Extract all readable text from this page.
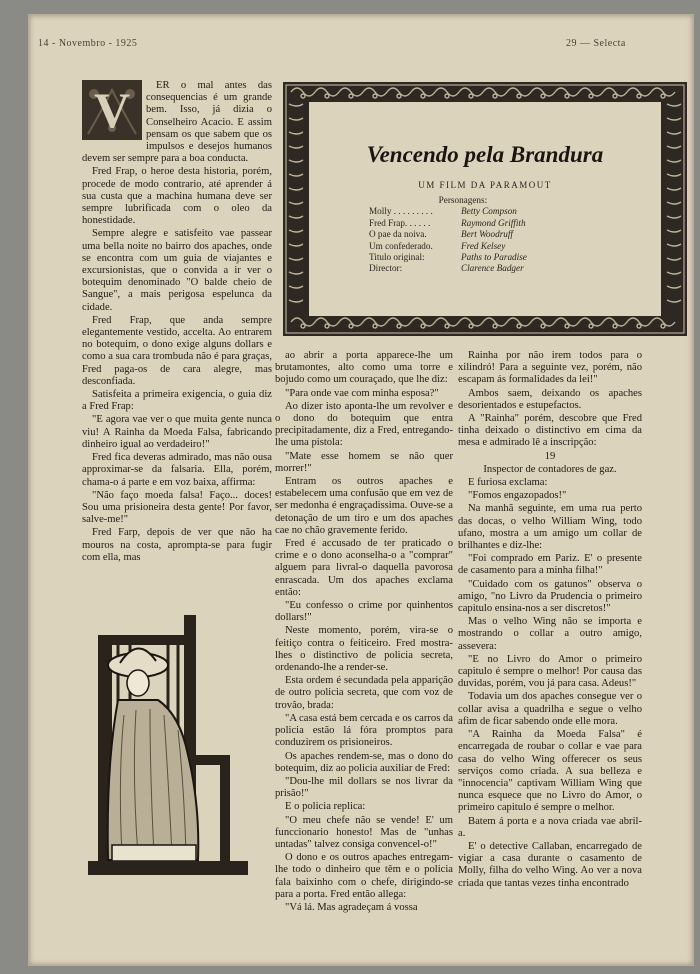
14 - Novembro - 1925	29 — Selecta
V	ER o mal antes das consequencias é um grande bem. Isso, já dizia o Conselheiro Acacio. E assim pensam os que sabem que os impulsos e desejos humanos devem ser sempre para a boa conducta.

Fred Frap, o heroe desta historia, porém, procede de modo contrario, até aprender á sua custa que a machina humana deve ser sempre lubrificada com o oleo da honestidade.

Sempre alegre e satisfeito vae passear uma bella noite no bairro dos apaches, onde se encontra com um guia de viajantes e excursionistas, que o convida a ir ver o botequim denominado "O balde cheio de Sangue", a mais perigosa espelunca da cidade.

Fred Frap, que anda sempre elegantemente vestido, accelta. Ao entrarem no botequim, o dono exige alguns dollars e como a sua cara trombuda não é para graças, Fred paga-os de cara alegre, mas desconfiada.

Satisfeita a primeira exigencia, o guia diz a Fred Frap:

"E agora vae ver o que muita gente nunca viu! A Rainha da Moeda Falsa, fabricando dinheiro igual ao verdadeiro!"

Fred fica deveras admirado, mas não ousa approximar-se da falsaria. Ella, porém, chama-o á parte e em voz baixa, affirma:

"Não faço moeda falsa! Faço... doces! Sou uma prisioneira desta gente! Por favor, salve-me!"

Fred Farp, depois de ver que não ha mouros na costa, apromptа-se para fugir com ella, mas

ao abrir a porta apparece-lhe um brutamontes, alto como uma torre e bojudo como um couraçado, que lhe diz:

"Para onde vae com minha esposa?"

Ao dizer isto aponta-lhe um revolver e o dono do botequim que entra precipitadamente, diz a Fred, entregando-lhe uma pistola:

"Mate esse homem se não quer morrer!"

Entram os outros apaches e estabelecem uma confusão que em vez de ser medonha é engraçadissima. Ouve-se a detonação de um tiro e um dos apaches cae no chão gravemente ferido.

Fred é accusado de ter praticado o crime e o dono aconselha-o a "comprar" alguem para livral-o daquella pavorosa enrascada. Um dos apaches exclama então:

"Eu confesso o crime por quinhentos dollars!"

Neste momento, porém, vira-se o feitiço contra o feiticeiro. Fred mostra-lhes o distinctivo de policia secreta, ordenando-lhe a render-se.

Esta ordem é secundada pela apparição de outro policia secreta, que com voz de trovão, brada:

"A casa está bem cercada e os carros da policia estão lá fóra promptos para conduzirem os prisioneiros.

Os apaches rendem-se, mas o dono do botequim, diz ao policia auxiliar de Fred:

"Dou-lhe mil dollars se nos livrar da prisão!"

E o policia replica:

"O meu chefe não se vende! E' um funccionario honesto! Mas de "unhas untadas" talvez consiga convencel-o!"

O dono e os outros apaches entregam-lhe todo o dinheiro que têm e o policia fala baixinho com o chefe, dirigindo-se para a porta. Fred então allega:

"Vá lá. Mas agradeçam á vossa

Rainha por não irem todos para o xilindró! Para a seguinte vez, porém, não escapam ás formalidades da lei!"

Ambos saem, deixando os apaches desorientados e estupefactos.

A "Rainha" porém, descobre que Fred tinha deixado o distinctivo em cima da mesa e admirado lê a inscripção:

19

Inspector de contadores de gaz.

E furiosa exclama:

"Fomos engazopados!"

Na manhã seguinte, em uma rua perto das docas, o velho William Wing, todo ufano, mostra a um amigo um collar de brilhantes e diz-lhe:

"Foi comprado em Pariz. E' o presente de casamento para a minha filha!"

"Cuidado com os gatunos" observa o amigo, "no Livro da Prudencia o primeiro capitulo ensina-nos a ser discretos!"

Mas o velho Wing não se importa e mostrando o collar a outro amigo, assevera:

"E no Livro do Amor o primeiro capitulo é sempre o melhor! Por causa das duvidas, porém, vou já para casa. Adeus!"

Todavia um dos apaches consegue ver o collar avisa a quadrilha e segue o velho afim de ficar sabendo onde elle mora.

"A Rainha da Moeda Falsa" é encarregada de roubar o collar e vae para casa do velho Wing offerecer os seus serviços como criada. A sua belleza e "innocencia" captivam William Wing que nunca esquece que no Livro do Amor, o primeiro capitulo é sempre o melhor.

Batem á porta e a nova criada vae abril-a.

E' o detective Callaban, encarregado de vigiar a casa durante o casamento de Molly, filha do velho Wing. Ao ver a nova criada que tantas vezes tinha encontrado

Vencendo pela Brandura
UM FILM DA PARAMOUT
Personagens:
Molly . . . . . . . . .	Betty Compson
Fred Frap. . . . . .	Raymond Griffith
O pae da noiva.	Bert Woodruff
Um confederado.	Fred Kelsey
Titulo original:	Paths to Paradise
Director:	Clarence Badger
